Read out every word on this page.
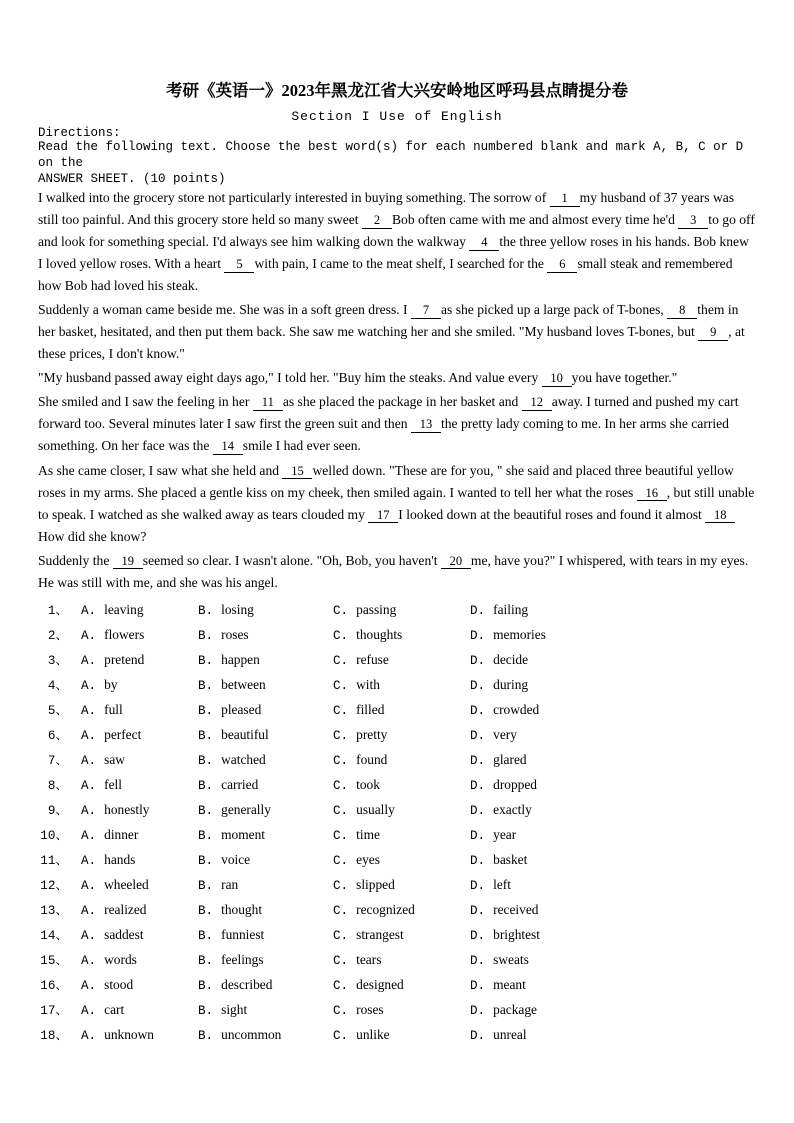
考研《英语一》2023年黑龙江省大兴安岭地区呼玛县点睛提分卷
Section I Use of English
Directions:
Read the following text. Choose the best word(s) for each numbered blank and mark A, B, C or D on the
ANSWER SHEET. (10 points)

I walked into the grocery store not particularly interested in buying something. The sorrow of 1 my husband of 37 years was still too painful. And this grocery store held so many sweet 2 Bob often came with me and almost every time he'd 3 to go off and look for something special. I'd always see him walking down the walkway 4 the three yellow roses in his hands. Bob knew I loved yellow roses. With a heart 5 with pain, I came to the meat shelf, I searched for the 6 small steak and remembered how Bob had loved his steak.

Suddenly a woman came beside me. She was in a soft green dress. I 7 as she picked up a large pack of T-bones, 8 them in her basket, hesitated, and then put them back. She saw me watching her and she smiled. "My husband loves T-bones, but 9 , at these prices, I don't know."

"My husband passed away eight days ago," I told her. "Buy him the steaks. And value every 10 you have together."

She smiled and I saw the feeling in her 11 as she placed the package in her basket and 12 away. I turned and pushed my cart forward too. Several minutes later I saw first the green suit and then 13 the pretty lady coming to me. In her arms she carried something. On her face was the 14 smile I had ever seen.

As she came closer, I saw what she held and 15 welled down. "These are for you, " she said and placed three beautiful yellow roses in my arms. She placed a gentle kiss on my cheek, then smiled again. I wanted to tell her what the roses 16 , but still unable to speak. I watched as she walked away as tears clouded my 17 I looked down at the beautiful roses and found it almost 18How did she know?

Suddenly the 19 seemed so clear. I wasn't alone. "Oh, Bob, you haven't 20 me, have you?" I whispered, with tears in my eyes. He was still with me, and she was his angel.

1、 A. leaving	B. losing	C. passing	D. failing
2、 A. flowers	B. roses	C. thoughts	D. memories
3、 A. pretend	B. happen	C. refuse	D. decide
4、 A. by	B. between	C. with	D. during
5、 A. full	B. pleased	C. filled	D. crowded
6、 A. perfect	B. beautiful	C. pretty	D. very
7、 A. saw	B. watched	C. found	D. glared
8、 A. fell	B. carried	C. took	D. dropped
9、 A. honestly	B. generally	C. usually	D. exactly
10、 A. dinner	B. moment	C. time	D. year
11、 A. hands	B. voice	C. eyes	D. basket
12、 A. wheeled	B. ran	C. slipped	D. left
13、 A. realized	B. thought	C. recognized	D. received
14、 A. saddest	B. funniest	C. strangest	D. brightest
15、 A. words	B. feelings	C. tears	D. sweats
16、 A. stood	B. described	C. designed	D. meant
17、 A. cart	B. sight	C. roses	D. package
18、 A. unknown	B. uncommon	C. unlike	D. unreal
